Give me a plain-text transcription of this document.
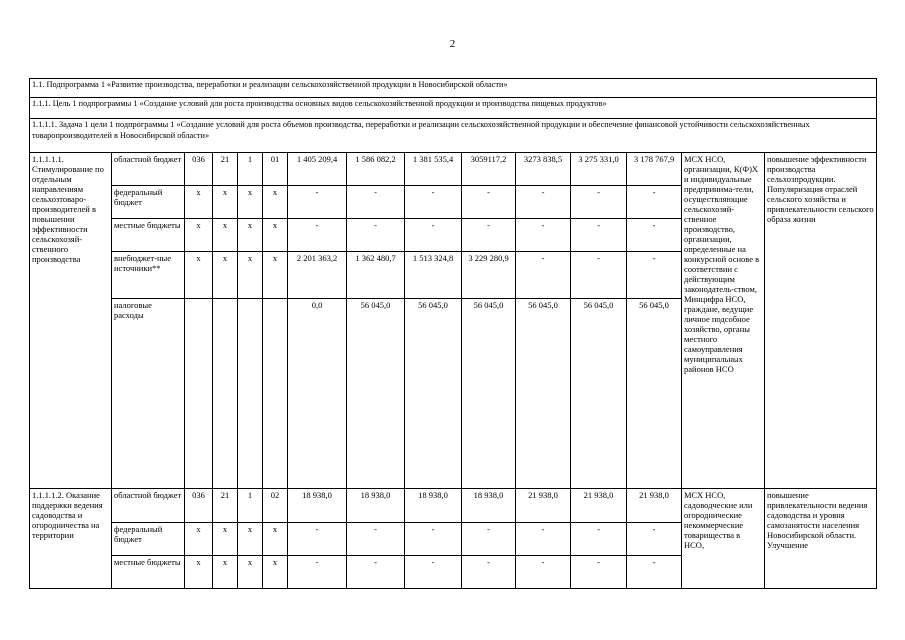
2
1.1. Подпрограмма 1 «Развитие производства, переработки и реализации сельскохозяйственной продукции в Новосибирской области»														
1.1.1. Цель 1 подпрограммы 1 «Создание условий для роста производства основных видов сельскохозяйственной продукции и производства пищевых продуктов»														
1.1.1.1. Задача 1 цели 1 подпрограммы 1 «Создание условий для роста объемов производства, переработки и реализации сельскохозяйственной продукции и обеспечение финансовой устойчивости сельскохозяйственных товаропроизводителей в Новосибирской области»														
1.1.1.1.1. Стимулирование по отдельным направлениям сельхозтоваро-производителей в повышении эффективности сельскохозяй-ственного производства	областной бюджет	036	21	1	01	1 405 209,4	1 586 082,2	1 381 535,4	3059117,2	3273 838,5	3 275 331,0	3 178 767,9	МСХ НСО, организации, К(Ф)Х и индивидуальные предпринима-тели, осуществляющие сельскохозяй-ственное производство, организации, определенные на конкурсной основе в соответствии с действующим законодатель-ством, Минцифра НСО, граждане, ведущие личное подсобное хозяйство, органы местного самоуправления муниципальных районов НСО	повышение эффективности производства сельхозпродукции. Популяризация отраслей сельского хозяйства и привлекательности сельского образа жизни
	федеральный бюджет	x	x	x	x	-	-	-	-	-	-	-		
	местные бюджеты	x	x	x	x	-	-	-	-	-	-	-		
	внебюджет-ные источники**	x	x	x	x	2 201 363,2	1 362 480,7	1 513 324,8	3 229 280,9	-	-	-		
	налоговые расходы					0,0	56 045,0	56 045,0	56 045,0	56 045,0	56 045,0	56 045,0		
1.1.1.1.2. Оказание поддержки ведения садоводства и огородничества на территории	областной бюджет	036	21	1	02	18 938,0	18 938,0	18 938,0	18 938,0	21 938,0	21 938,0	21 938,0	МСХ НСО, садоводческие или огороднические некоммерческие товарищества в НСО,	повышение привлекательности ведения садоводства и уровня самозанятости населения Новосибирской области. Улучшение
	федеральный бюджет	x	x	x	x	-	-	-	-	-	-	-		
	местные бюджеты	x	x	x	x	-	-	-	-	-	-	-		
